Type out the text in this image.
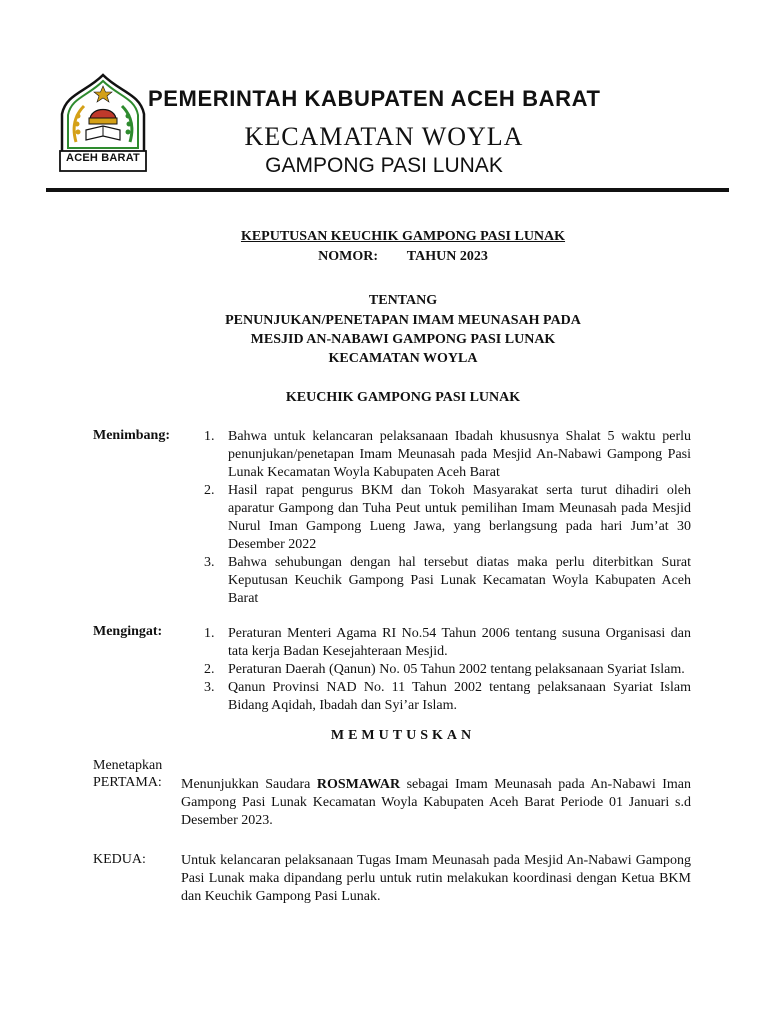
ACEH BARAT
PEMERINTAH KABUPATEN ACEH BARAT
KECAMATAN WOYLA
GAMPONG PASI LUNAK
KEPUTUSAN KEUCHIK GAMPONG PASI LUNAK
NOMOR: TAHUN 2023
TENTANG
PENUNJUKAN/PENETAPAN IMAM MEUNASAH PADA
MESJID AN-NABAWI GAMPONG PASI LUNAK
KECAMATAN WOYLA
KEUCHIK GAMPONG PASI LUNAK
Menimbang: 1. Bahwa untuk kelancaran pelaksanaan Ibadah khususnya Shalat 5 waktu perlu penunjukan/penetapan Imam Meunasah pada Mesjid An-Nabawi Gampong Pasi Lunak Kecamatan Woyla Kabupaten Aceh Barat
2. Hasil rapat pengurus BKM dan Tokoh Masyarakat serta turut dihadiri oleh aparatur Gampong dan Tuha Peut untuk pemilihan Imam Meunasah pada Mesjid Nurul Iman Gampong Lueng Jawa, yang berlangsung pada hari Jum’at 30 Desember 2022
3. Bahwa sehubungan dengan hal tersebut diatas maka perlu diterbitkan Surat Keputusan Keuchik Gampong Pasi Lunak Kecamatan Woyla Kabupaten Aceh Barat
Mengingat:	1. Peraturan Menteri Agama RI No.54 Tahun 2006 tentang susuna Organisasi dan tata kerja Badan Kesejahteraan Mesjid.
2. Peraturan Daerah (Qanun) No. 05 Tahun 2002 tentang pelaksanaan Syariat Islam.
3. Qanun Provinsi NAD No. 11 Tahun 2002 tentang pelaksanaan Syariat Islam Bidang Aqidah, Ibadah dan Syi’ar Islam.
MEMUTUSKAN
Menetapkan
PERTAMA: Menunjukkan Saudara ROSMAWAR sebagai Imam Meunasah pada An-Nabawi Iman Gampong Pasi Lunak Kecamatan Woyla Kabupaten Aceh Barat Periode 01 Januari s.d Desember 2023.
KEDUA:	Untuk kelancaran pelaksanaan Tugas Imam Meunasah pada Mesjid An-Nabawi Gampong Pasi Lunak maka dipandang perlu untuk rutin melakukan koordinasi dengan Ketua BKM dan Keuchik Gampong Pasi Lunak.
